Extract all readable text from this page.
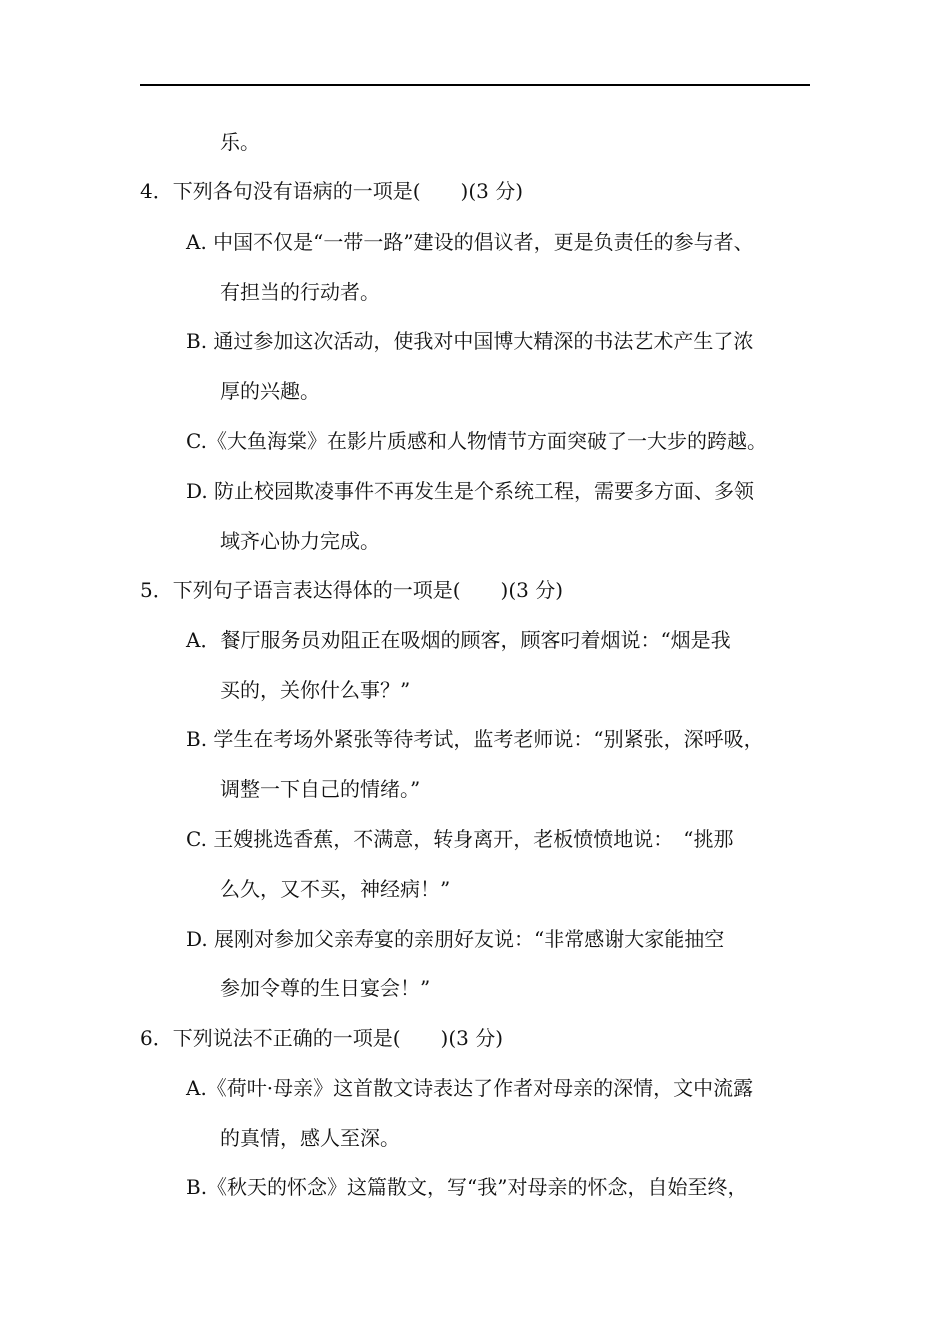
乐。
4．下列各句没有语病的一项是(　　)(3 分)
A. 中国不仅是“一带一路”建设的倡议者，更是负责任的参与者、
有担当的行动者。
B. 通过参加这次活动，使我对中国博大精深的书法艺术产生了浓
厚的兴趣。
C.《大鱼海棠》在影片质感和人物情节方面突破了一大步的跨越。
D. 防止校园欺凌事件不再发生是个系统工程，需要多方面、多领
域齐心协力完成。
5．下列句子语言表达得体的一项是(　　)(3 分)
A．餐厅服务员劝阻正在吸烟的顾客，顾客叼着烟说：“烟是我
买的，关你什么事？”
B. 学生在考场外紧张等待考试，监考老师说：“别紧张，深呼吸，
调整一下自己的情绪。”
C. 王嫂挑选香蕉，不满意，转身离开，老板愤愤地说：　“挑那
么久，又不买，神经病！”
D. 展刚对参加父亲寿宴的亲朋好友说：“非常感谢大家能抽空
参加令尊的生日宴会！”
6．下列说法不正确的一项是(　　)(3 分)
A.《荷叶·母亲》这首散文诗表达了作者对母亲的深情，文中流露
的真情，感人至深。
B.《秋天的怀念》这篇散文，写“我”对母亲的怀念，自始至终，
